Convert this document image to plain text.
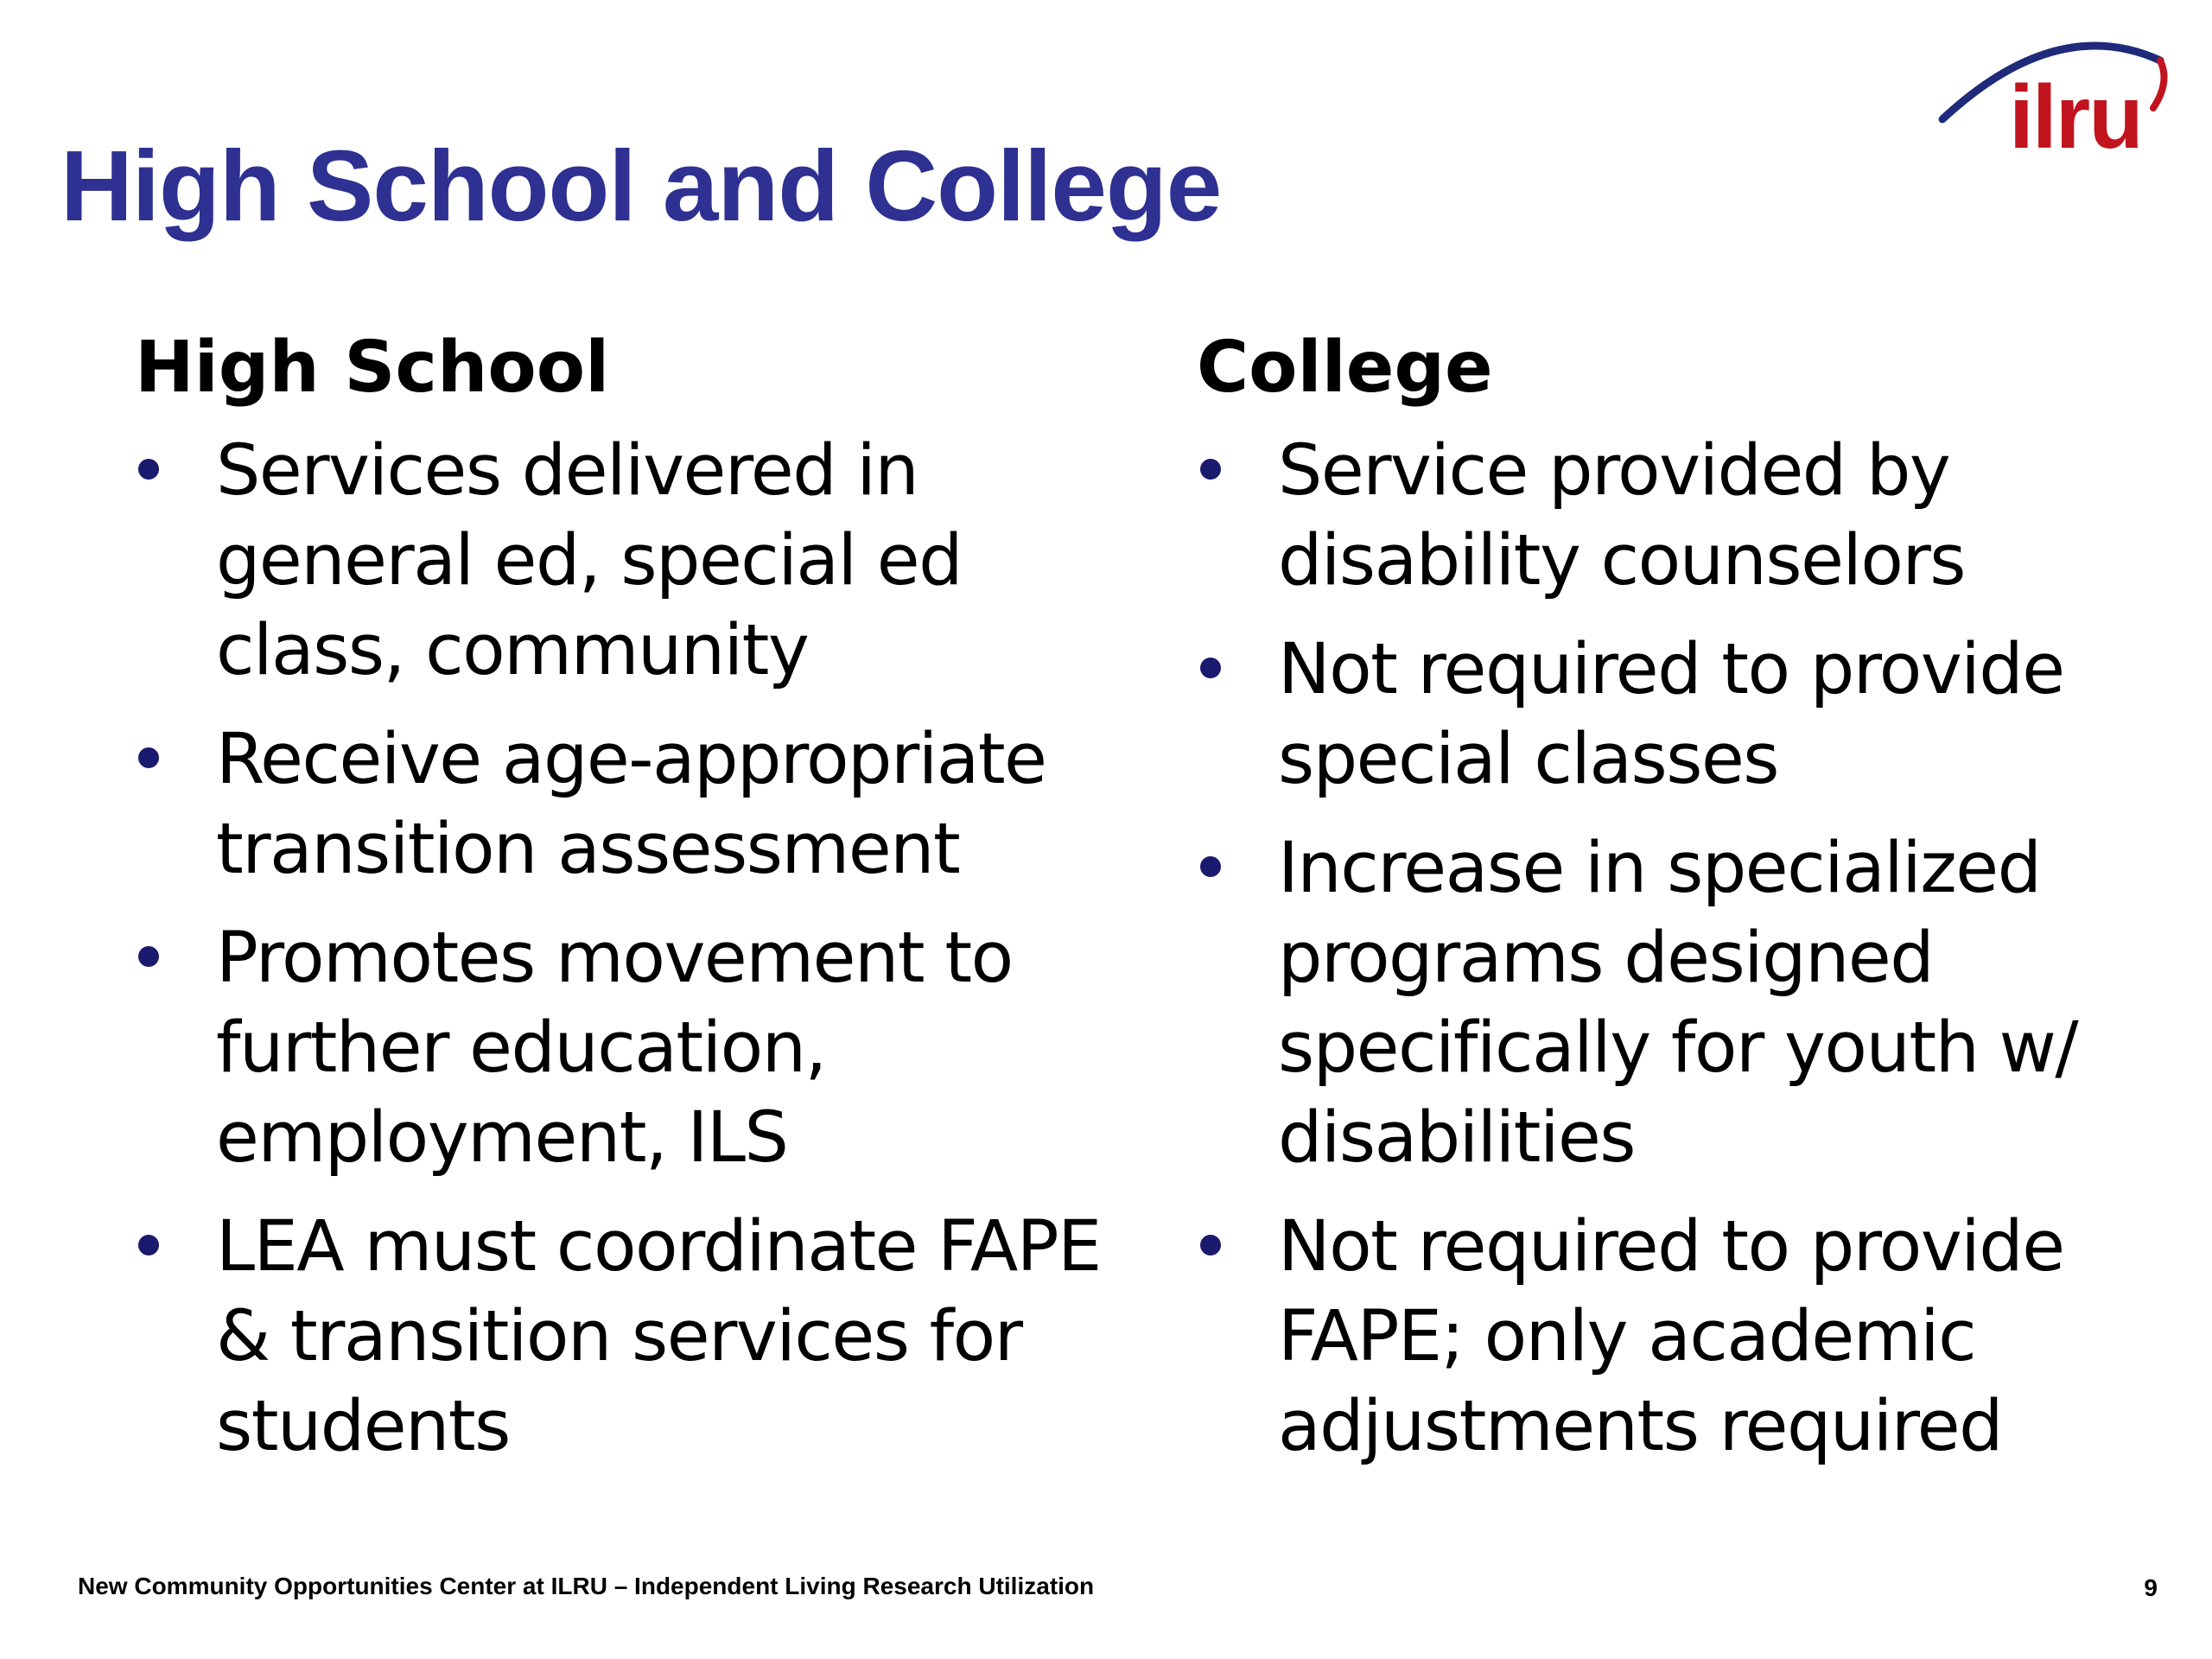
High School and College
ilru
High School
Services delivered in general ed, special ed class, community
Receive age-appropriate transition assessment
Promotes movement to further education, employment, ILS
LEA must coordinate FAPE & transition services for students
College
Service provided by disability counselors
Not required to provide special classes
Increase in specialized programs designed specifically for youth w/ disabilities
Not required to provide FAPE; only academic adjustments required
New Community Opportunities Center at ILRU – Independent Living Research Utilization	9
